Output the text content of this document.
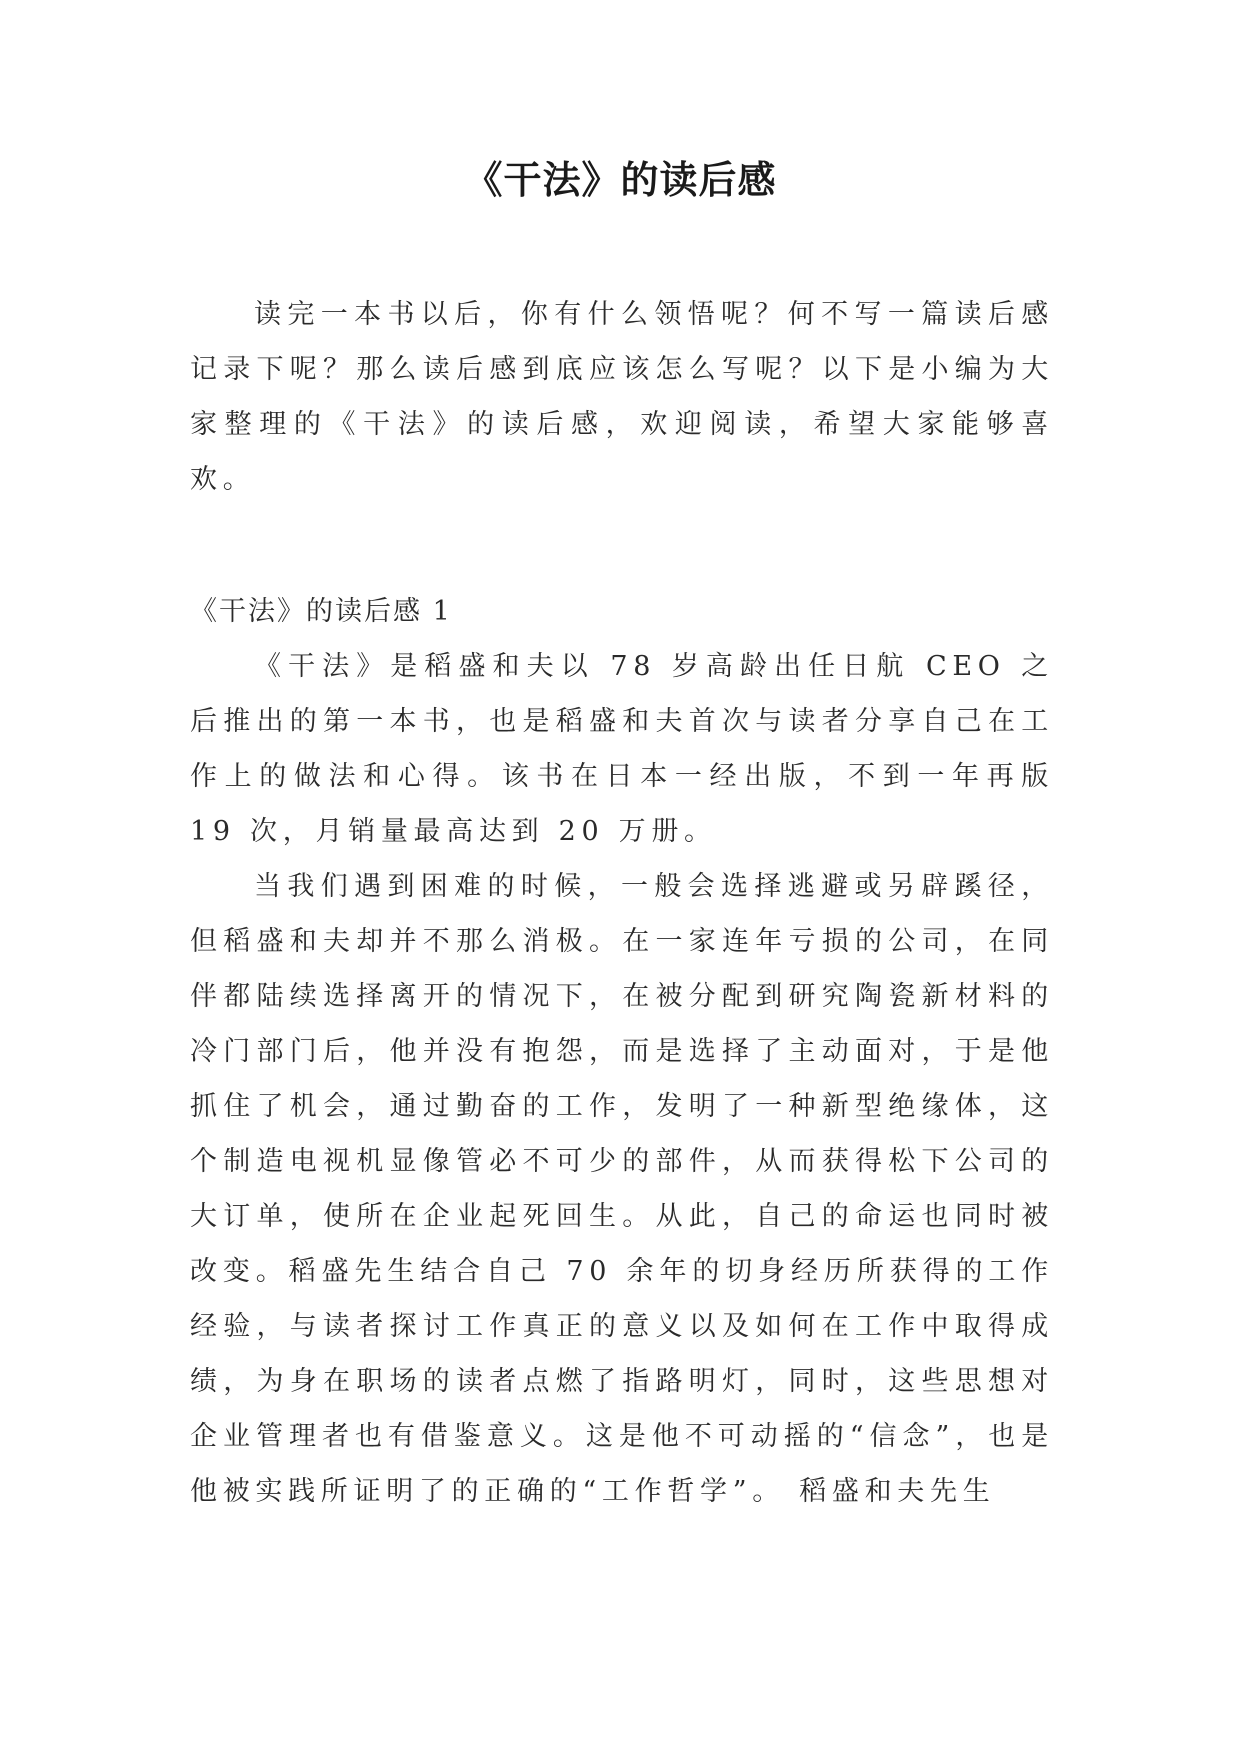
《干法》的读后感

读完一本书以后，你有什么领悟呢？何不写一篇读后感记录下呢？那么读后感到底应该怎么写呢？以下是小编为大家整理的《干法》的读后感，欢迎阅读，希望大家能够喜欢。

《干法》的读后感 1

《干法》是稻盛和夫以 78 岁高龄出任日航 CEO 之后推出的第一本书，也是稻盛和夫首次与读者分享自己在工作上的做法和心得。该书在日本一经出版，不到一年再版 19 次，月销量最高达到 20 万册。

当我们遇到困难的时候，一般会选择逃避或另辟蹊径，但稻盛和夫却并不那么消极。在一家连年亏损的公司，在同伴都陆续选择离开的情况下，在被分配到研究陶瓷新材料的冷门部门后，他并没有抱怨，而是选择了主动面对，于是他抓住了机会，通过勤奋的工作，发明了一种新型绝缘体，这个制造电视机显像管必不可少的部件，从而获得松下公司的大订单，使所在企业起死回生。从此，自己的命运也同时被改变。稻盛先生结合自己 70 余年的切身经历所获得的工作经验，与读者探讨工作真正的意义以及如何在工作中取得成绩，为身在职场的读者点燃了指路明灯，同时，这些思想对企业管理者也有借鉴意义。这是他不可动摇的“信念”，也是他被实践所证明了的正确的“工作哲学”。 稻盛和夫先生
